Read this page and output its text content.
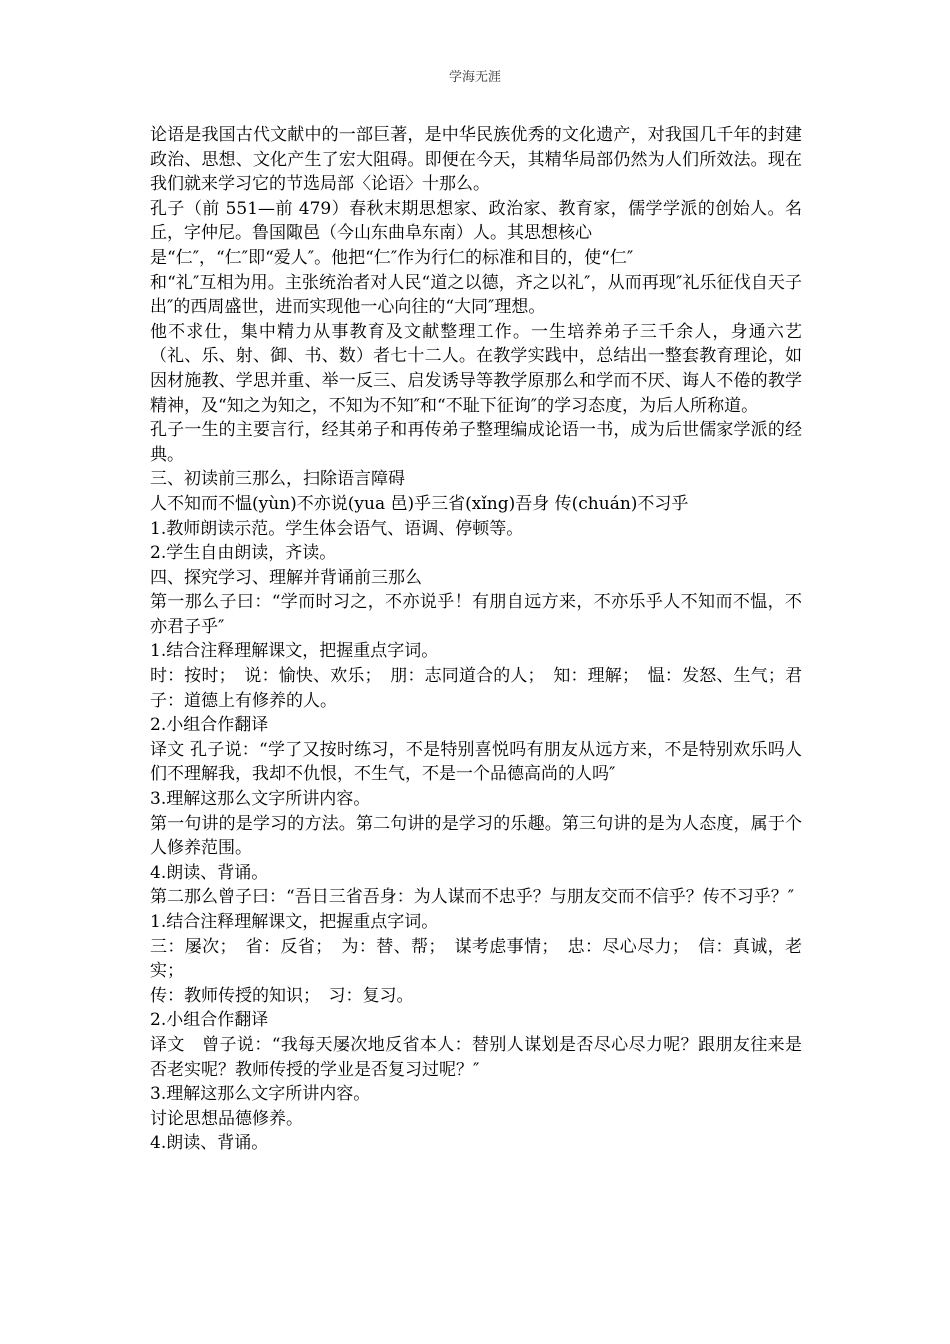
学海无涯

论语是我国古代文献中的一部巨著，是中华民族优秀的文化遗产，对我国几千年的封建政治、思想、文化产生了宏大阻碍。即便在今天，其精华局部仍然为人们所效法。现在我们就来学习它的节选局部〈论语〉十那么。

孔子（前 551—前 479）春秋末期思想家、政治家、教育家，儒学学派的创始人。名丘，字仲尼。鲁国陬邑（今山东曲阜东南）人。其思想核心

是“仁″，“仁″即“爱人″。他把“仁″作为行仁的标准和目的，使“仁″

和“礼″互相为用。主张统治者对人民“道之以德，齐之以礼″，从而再现″礼乐征伐自天子出″的西周盛世，进而实现他一心向往的“大同″理想。

他不求仕，集中精力从事教育及文献整理工作。一生培养弟子三千余人，身通六艺（礼、乐、射、御、书、数）者七十二人。在教学实践中，总结出一整套教育理论，如因材施教、学思并重、举一反三、启发诱导等教学原那么和学而不厌、诲人不倦的教学精神，及“知之为知之，不知为不知″和“不耻下征询″的学习态度，为后人所称道。

孔子一生的主要言行，经其弟子和再传弟子整理编成论语一书，成为后世儒家学派的经典。

三、初读前三那么，扫除语言障碍

人不知而不愠(yùn)不亦说(yua 邑)乎三省(xǐng)吾身 传(chuán)不习乎

1.教师朗读示范。学生体会语气、语调、停顿等。

2.学生自由朗读，齐读。

四、探究学习、理解并背诵前三那么

第一那么子曰：“学而时习之，不亦说乎！有朋自远方来，不亦乐乎人不知而不愠，不亦君子乎″

1.结合注释理解课文，把握重点字词。

时：按时；　说：愉快、欢乐；　朋：志同道合的人；　知：理解；　愠：发怒、生气；君子：道德上有修养的人。

2.小组合作翻译

译文 孔子说：“学了又按时练习，不是特别喜悦吗有朋友从远方来，不是特别欢乐吗人们不理解我，我却不仇恨，不生气，不是一个品德高尚的人吗″

3.理解这那么文字所讲内容。

第一句讲的是学习的方法。第二句讲的是学习的乐趣。第三句讲的是为人态度，属于个人修养范围。

4.朗读、背诵。

第二那么曾子曰：“吾日三省吾身：为人谋而不忠乎？与朋友交而不信乎？传不习乎？″

1.结合注释理解课文，把握重点字词。

三：屡次；　省：反省；　为：替、帮；　谋考虑事情；　忠：尽心尽力；　信：真诚，老实；

传：教师传授的知识；　习：复习。

2.小组合作翻译

译文　曾子说：“我每天屡次地反省本人：替别人谋划是否尽心尽力呢？跟朋友往来是否老实呢？教师传授的学业是否复习过呢？″

3.理解这那么文字所讲内容。

讨论思想品德修养。

4.朗读、背诵。
